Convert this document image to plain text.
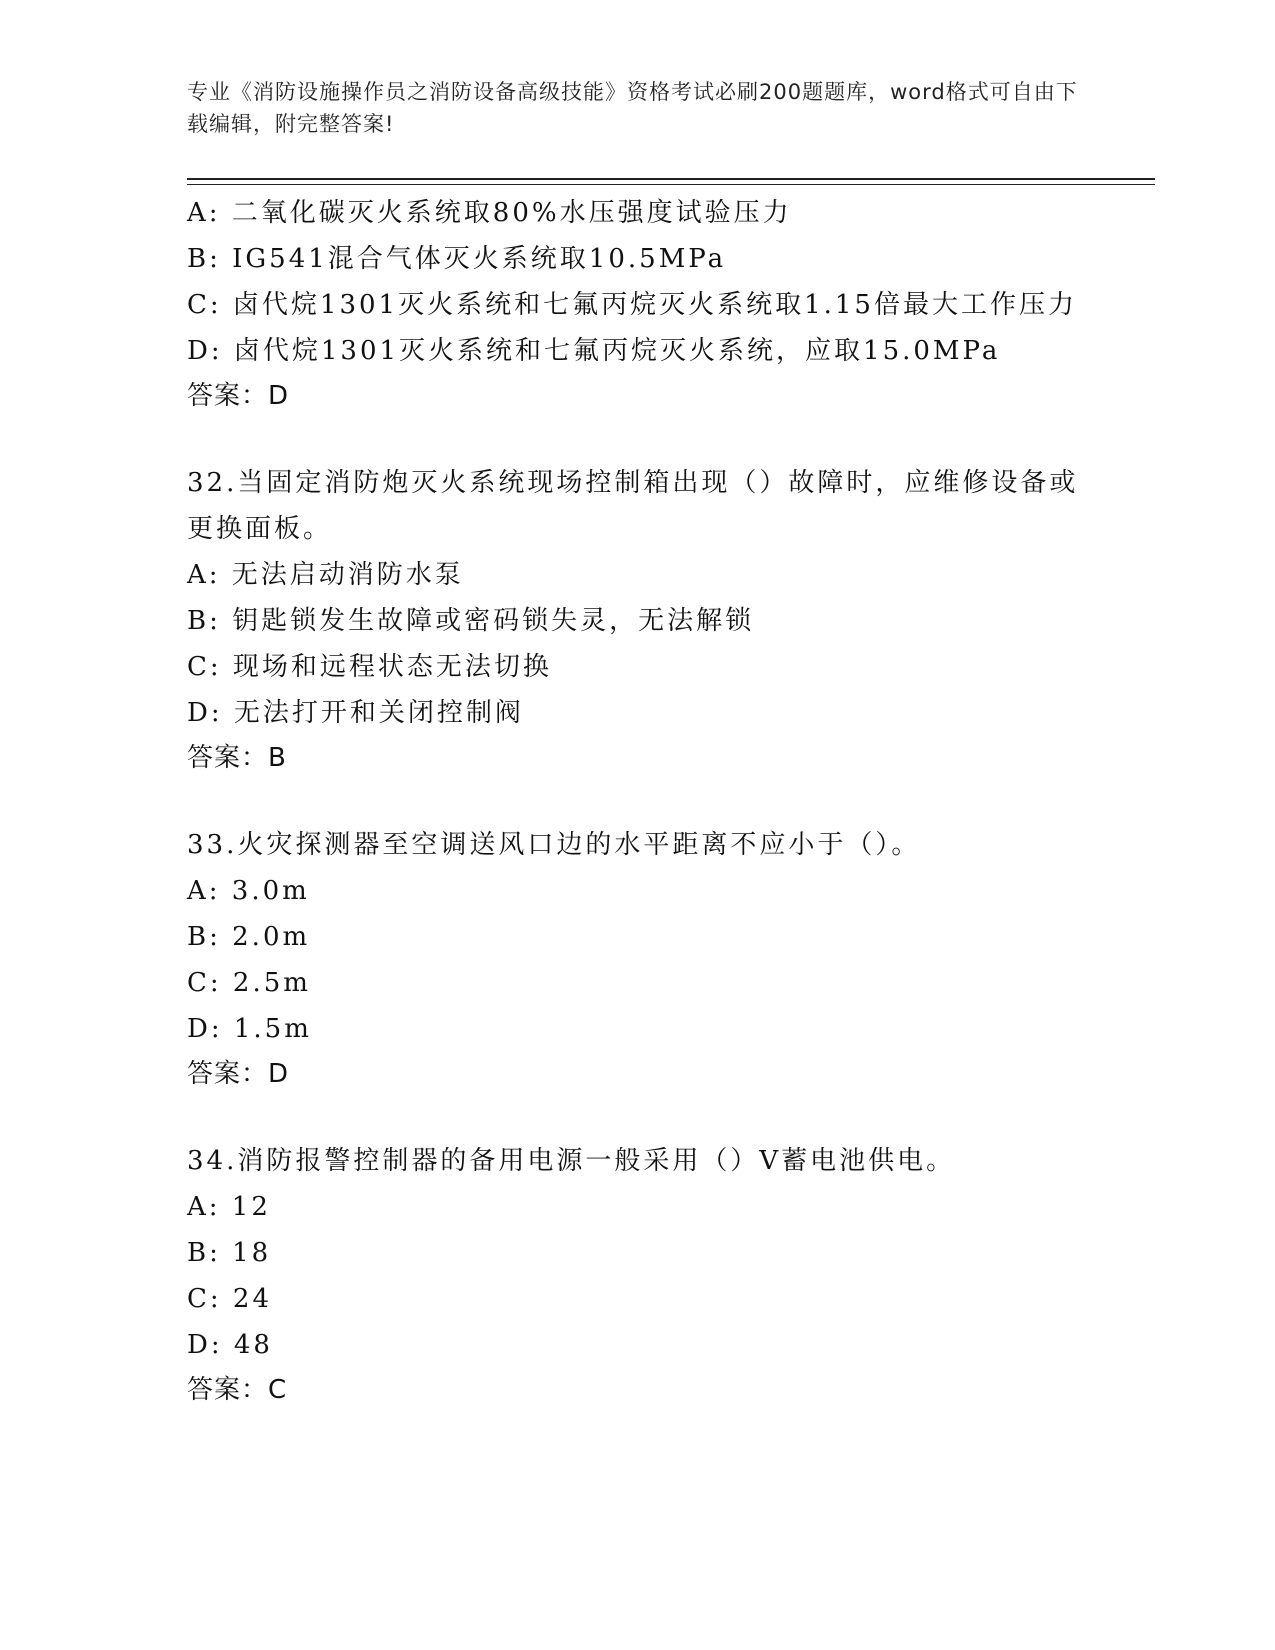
专业《消防设施操作员之消防设备高级技能》资格考试必刷200题题库，word格式可自由下载编辑，附完整答案!
A: 二氧化碳灭火系统取80%水压强度试验压力
B: IG541混合气体灭火系统取10.5MPa
C: 卤代烷1301灭火系统和七氟丙烷灭火系统取1.15倍最大工作压力
D: 卤代烷1301灭火系统和七氟丙烷灭火系统，应取15.0MPa
答案：D
32.当固定消防炮灭火系统现场控制箱出现（）故障时，应维修设备或更换面板。
A: 无法启动消防水泵
B: 钥匙锁发生故障或密码锁失灵，无法解锁
C: 现场和远程状态无法切换
D: 无法打开和关闭控制阀
答案：B
33.火灾探测器至空调送风口边的水平距离不应小于（）。
A: 3.0m
B: 2.0m
C: 2.5m
D: 1.5m
答案：D
34.消防报警控制器的备用电源一般采用（）V蓄电池供电。
A: 12
B: 18
C: 24
D: 48
答案：C
